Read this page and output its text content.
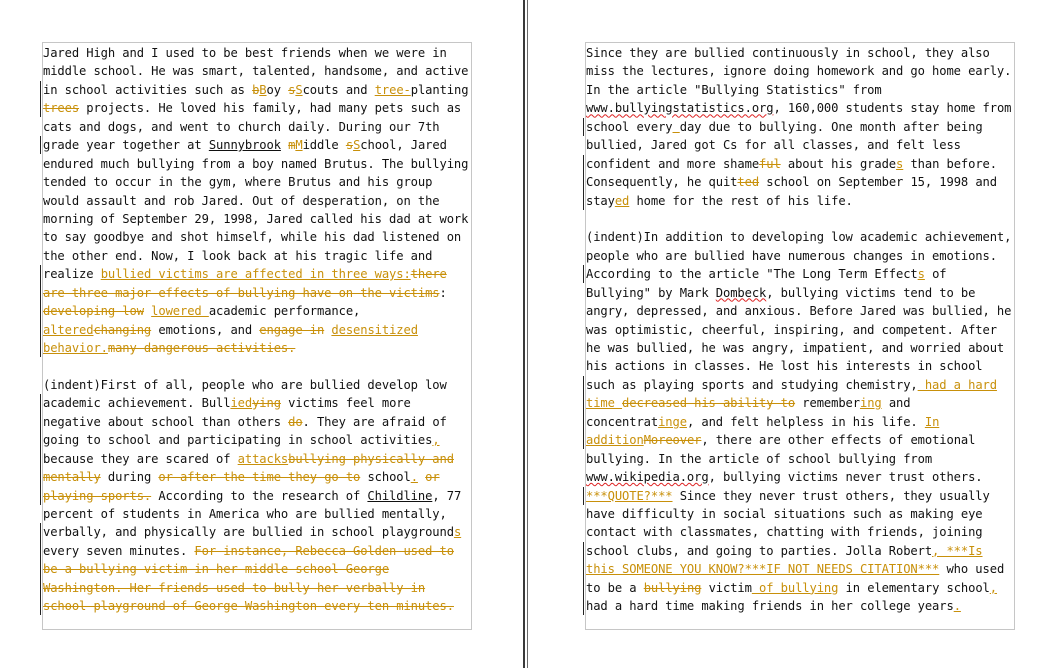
Jared High and I used to be best friends when we were in
middle school. He was smart, talented, handsome, and active
in school activities such as bBoy sScouts and tree-planting
trees projects. He loved his family, had many pets such as
cats and dogs, and went to church daily. During our 7th
grade year together at Sunnybrook mMiddle sSchool, Jared
endured much bullying from a boy named Brutus. The bullying
tended to occur in the gym, where Brutus and his group
would assault and rob Jared. Out of desperation, on the
morning of September 29, 1998, Jared called his dad at work
to say goodbye and shot himself, while his dad listened on
the other end. Now, I look back at his tragic life and
realize bullied victims are affected in three ways:there
are three major effects of bullying have on the victims:
developing low lowered academic performance,
alteredchanging emotions, and engage in desensitized
behavior.many dangerous activities.
(indent)First of all, people who are bullied develop low
academic achievement. Bulliedying victims feel more
negative about school than others do. They are afraid of
going to school and participating in school activities,
because they are scared of attacksbullying physically and
mentally during or after the time they go to school. or
playing sports. According to the research of Childline, 77
percent of students in America who are bullied mentally,
verbally, and physically are bullied in school playgrounds
every seven minutes. For instance, Rebecca Golden used to
be a bullying victim in her middle school George
Washington. Her friends used to bully her verbally in
school playground of George Washington every ten minutes.
Since they are bullied continuously in school, they also
miss the lectures, ignore doing homework and go home early.
In the article "Bullying Statistics" from
www.bullyingstatistics.org, 160,000 students stay home from
school every day due to bullying. One month after being
bullied, Jared got Cs for all classes, and felt less
confident and more shameful about his grades than before.
Consequently, he quitted school on September 15, 1998 and
stayed home for the rest of his life.
(indent)In addition to developing low academic achievement,
people who are bullied have numerous changes in emotions.
According to the article "The Long Term Effects of
Bullying" by Mark Dombeck, bullying victims tend to be
angry, depressed, and anxious. Before Jared was bullied, he
was optimistic, cheerful, inspiring, and competent. After
he was bullied, he was angry, impatient, and worried about
his actions in classes. He lost his interests in school
such as playing sports and studying chemistry, had a hard
time decreased his ability to remembering and
concentratinge, and felt helpless in his life. In
additionMoreover, there are other effects of emotional
bullying. In the article of school bullying from
www.wikipedia.org, bullying victims never trust others.
***QUOTE?*** Since they never trust others, they usually
have difficulty in social situations such as making eye
contact with classmates, chatting with friends, joining
school clubs, and going to parties. Jolla Robert, ***Is
this SOMEONE YOU KNOW?***IF NOT NEEDS CITATION*** who used
to be a bullying victim of bullying in elementary school,
had a hard time making friends in her college years.
